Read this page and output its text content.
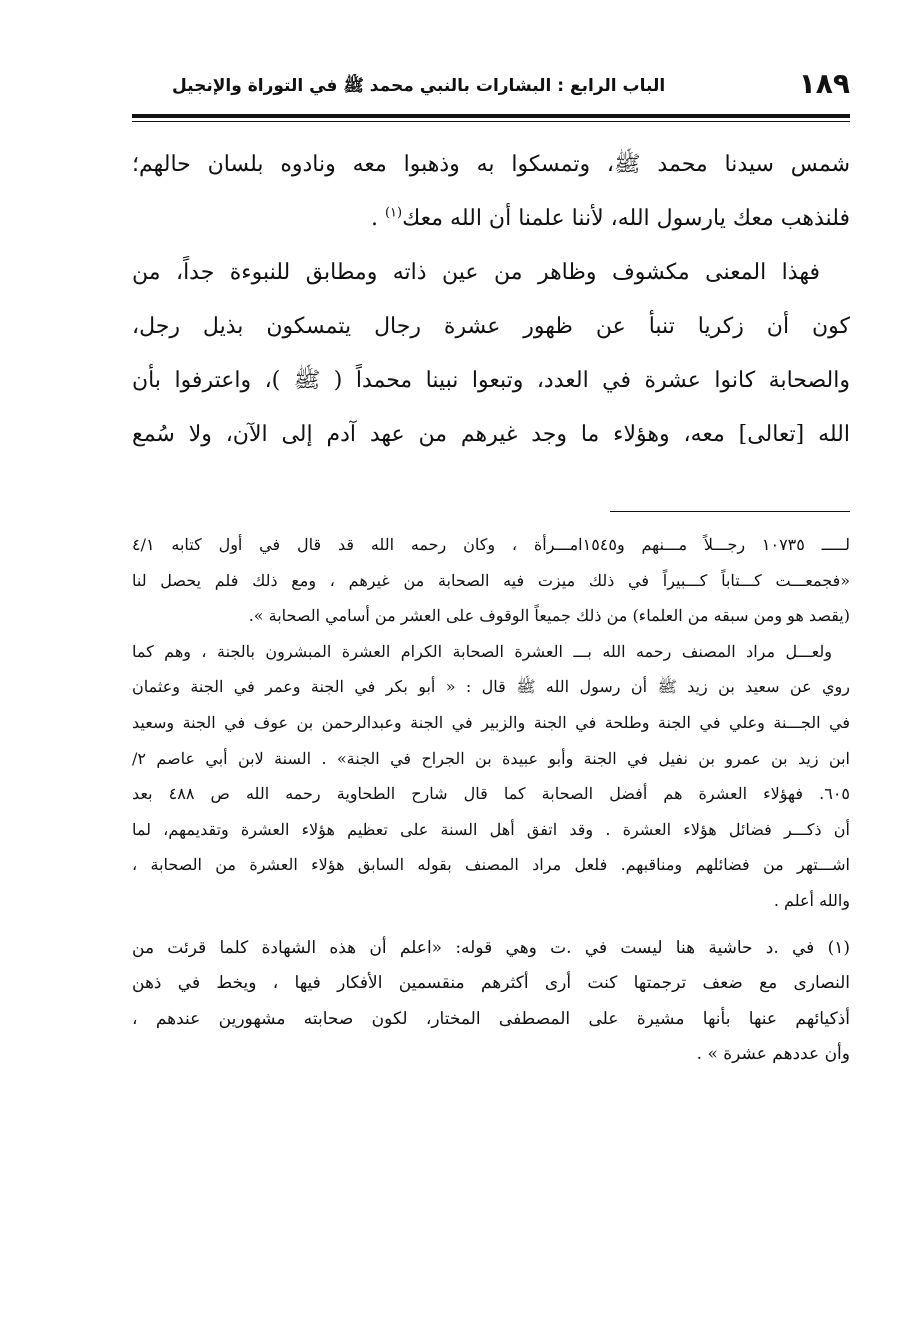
١٨٩
الباب الرابع : البشارات بالنبي محمد ﷺ في التوراة والإنجيل
شمس سيدنا محمد ﷺ، وتمسكوا به وذهبوا معه ونادوه بلسان حالهم؛
فلنذهب معك يارسول الله، لأننا علمنا أن الله معك$^{(١)}$ .
فهذا المعنى مكشوف وظاهر من عين ذاته ومطابق للنبوءة جداً، من
كون أن زكريا تنبأ عن ظهور عشرة رجال يتمسكون بذيل رجل،
والصحابة كانوا عشرة في العدد، وتبعوا نبينا محمداً ( ﷺ )، واعترفوا بأن
الله [تعالى] معه، وهؤلاء ما وجد غيرهم من عهد آدم إلى الآن، ولا سُمع
لـــــ ١٠٧٣٥ رجـــلاً مـــنهم و١٥٤٥امـــرأة ، وكان رحمه الله قد قال في أول كتابه ٤/١
«فجمعـــت كـــتاباً كـــبيراً في ذلك ميزت فيه الصحابة من غيرهم ، ومع ذلك فلم يحصل لنا
(يقصد هو ومن سبقه من العلماء) من ذلك جميعاً الوقوف على العشر من أسامي الصحابة ».
ولعـــل مراد المصنف رحمه الله بـــ العشرة الصحابة الكرام العشرة المبشرون بالجنة ، وهم كما
روي عن سعيد بن زيد ﷺ أن رسول الله ﷺ قال : « أبو بكر في الجنة وعمر في الجنة وعثمان
في الجـــنة وعلي في الجنة وطلحة في الجنة والزبير في الجنة وعبدالرحمن بن عوف في الجنة وسعيد
ابن زيد بن عمرو بن نفيل في الجنة وأبو عبيدة بن الجراح في الجنة» . السنة لابن أبي عاصم ٢/
٦٠٥. فهؤلاء العشرة هم أفضل الصحابة كما قال شارح الطحاوية رحمه الله ص ٤٨٨ بعد
أن ذكـــر فضائل هؤلاء العشرة . وقد اتفق أهل السنة على تعظيم هؤلاء العشرة وتقديمهم، لما
اشـــتهر من فضائلهم ومناقبهم. فلعل مراد المصنف بقوله السابق هؤلاء العشرة من الصحابة ،
والله أعلم .
(١) في .د حاشية هنا ليست في .ت وهي قوله: «اعلم أن هذه الشهادة كلما قرئت من
النصارى مع ضعف ترجمتها كنت أرى أكثرهم منقسمين الأفكار فيها ، ويخط في ذهن
أذكيائهم عنها بأنها مشيرة على المصطفى المختار، لكون صحابته مشهورين عندهم ،
وأن عددهم عشرة » .
